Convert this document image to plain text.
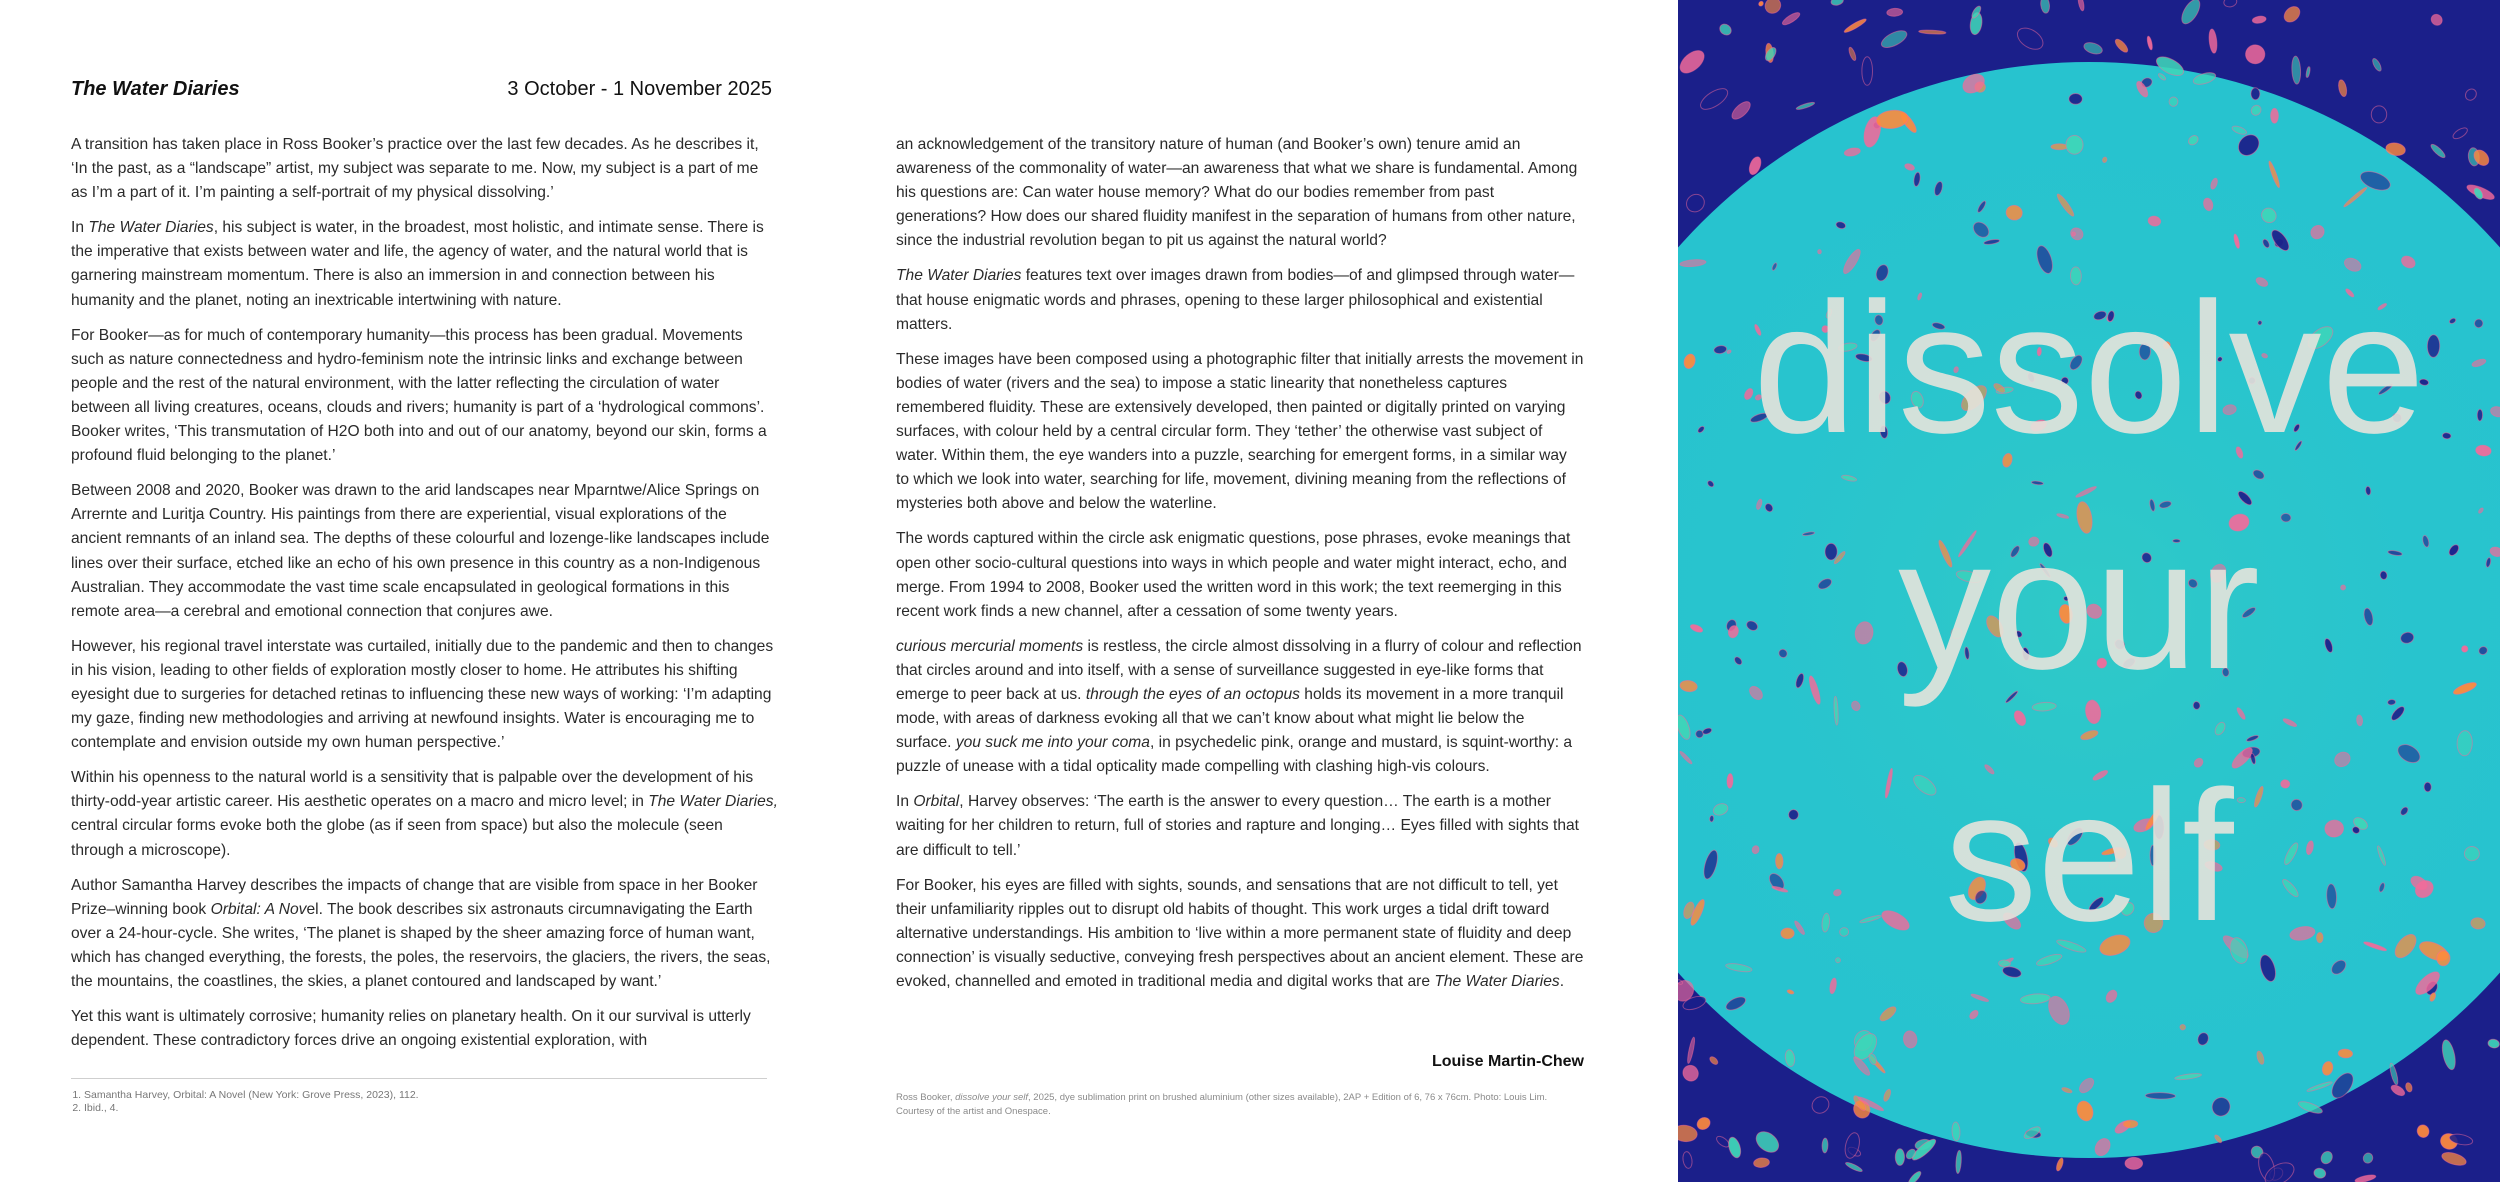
The Water Diaries	3 October - 1 November 2025

A transition has taken place in Ross Booker’s practice over the last few decades. As he describes it, ‘In the past, as a “landscape” artist, my subject was separate to me. Now, my subject is a part of me as I’m a part of it. I’m painting a self-portrait of my physical dissolving.’

In The Water Diaries, his subject is water, in the broadest, most holistic, and intimate sense. There is the imperative that exists between water and life, the agency of water, and the natural world that is garnering mainstream momentum. There is also an immersion in and connection between his humanity and the planet, noting an inextricable intertwining with nature.

For Booker—as for much of contemporary humanity—this process has been gradual. Movements such as nature connectedness and hydro-feminism note the intrinsic links and exchange between people and the rest of the natural environment, with the latter reflecting the circulation of water between all living creatures, oceans, clouds and rivers; humanity is part of a ‘hydrological commons’. Booker writes, ‘This transmutation of H2O both into and out of our anatomy, beyond our skin, forms a profound fluid belonging to the planet.’

Between 2008 and 2020, Booker was drawn to the arid landscapes near Mparntwe/Alice Springs on Arrernte and Luritja Country. His paintings from there are experiential, visual explorations of the ancient remnants of an inland sea. The depths of these colourful and lozenge-like landscapes include lines over their surface, etched like an echo of his own presence in this country as a non-Indigenous Australian. They accommodate the vast time scale encapsulated in geological formations in this remote area—a cerebral and emotional connection that conjures awe.

However, his regional travel interstate was curtailed, initially due to the pandemic and then to changes in his vision, leading to other fields of exploration mostly closer to home. He attributes his shifting eyesight due to surgeries for detached retinas to influencing these new ways of working: ‘I’m adapting my gaze, finding new methodologies and arriving at newfound insights. Water is encouraging me to contemplate and envision outside my own human perspective.’

Within his openness to the natural world is a sensitivity that is palpable over the development of his thirty-odd-year artistic career. His aesthetic operates on a macro and micro level; in The Water Diaries, central circular forms evoke both the globe (as if seen from space) but also the molecule (seen through a microscope).

Author Samantha Harvey describes the impacts of change that are visible from space in her Booker Prize–winning book Orbital: A Novel. The book describes six astronauts circumnavigating the Earth over a 24-hour-cycle. She writes, ‘The planet is shaped by the sheer amazing force of human want, which has changed everything, the forests, the poles, the reservoirs, the glaciers, the rivers, the seas, the mountains, the coastlines, the skies, a planet contoured and landscaped by want.’

Yet this want is ultimately corrosive; humanity relies on planetary health. On it our survival is utterly dependent. These contradictory forces drive an ongoing existential exploration, with

1. Samantha Harvey, Orbital: A Novel (New York: Grove Press, 2023), 112.
2. Ibid., 4.

an acknowledgement of the transitory nature of human (and Booker’s own) tenure amid an awareness of the commonality of water—an awareness that what we share is fundamental. Among his questions are: Can water house memory? What do our bodies remember from past generations? How does our shared fluidity manifest in the separation of humans from other nature, since the industrial revolution began to pit us against the natural world?

The Water Diaries features text over images drawn from bodies—of and glimpsed through water—that house enigmatic words and phrases, opening to these larger philosophical and existential matters.

These images have been composed using a photographic filter that initially arrests the movement in bodies of water (rivers and the sea) to impose a static linearity that nonetheless captures remembered fluidity. These are extensively developed, then painted or digitally printed on varying surfaces, with colour held by a central circular form. They ‘tether’ the otherwise vast subject of water. Within them, the eye wanders into a puzzle, searching for emergent forms, in a similar way to which we look into water, searching for life, movement, divining meaning from the reflections of mysteries both above and below the waterline.

The words captured within the circle ask enigmatic questions, pose phrases, evoke meanings that open other socio-cultural questions into ways in which people and water might interact, echo, and merge. From 1994 to 2008, Booker used the written word in this work; the text reemerging in this recent work finds a new channel, after a cessation of some twenty years.

curious mercurial moments is restless, the circle almost dissolving in a flurry of colour and reflection that circles around and into itself, with a sense of surveillance suggested in eye-like forms that emerge to peer back at us. through the eyes of an octopus holds its movement in a more tranquil mode, with areas of darkness evoking all that we can’t know about what might lie below the surface. you suck me into your coma, in psychedelic pink, orange and mustard, is squint-worthy: a puzzle of unease with a tidal opticality made compelling with clashing high-vis colours.

In Orbital, Harvey observes: ‘The earth is the answer to every question… The earth is a mother waiting for her children to return, full of stories and rapture and longing… Eyes filled with sights that are difficult to tell.’

For Booker, his eyes are filled with sights, sounds, and sensations that are not difficult to tell, yet their unfamiliarity ripples out to disrupt old habits of thought. This work urges a tidal drift toward alternative understandings. His ambition to ‘live within a more permanent state of fluidity and deep connection’ is visually seductive, conveying fresh perspectives about an ancient element. These are evoked, channelled and emoted in traditional media and digital works that are The Water Diaries.

Louise Martin-Chew
Ross Booker, dissolve your self, 2025, dye sublimation print on brushed aluminium (other sizes available), 2AP + Edition of 6, 76 x 76cm. Photo: Louis Lim. Courtesy of the artist and Onespace.
dissolve
your
self
